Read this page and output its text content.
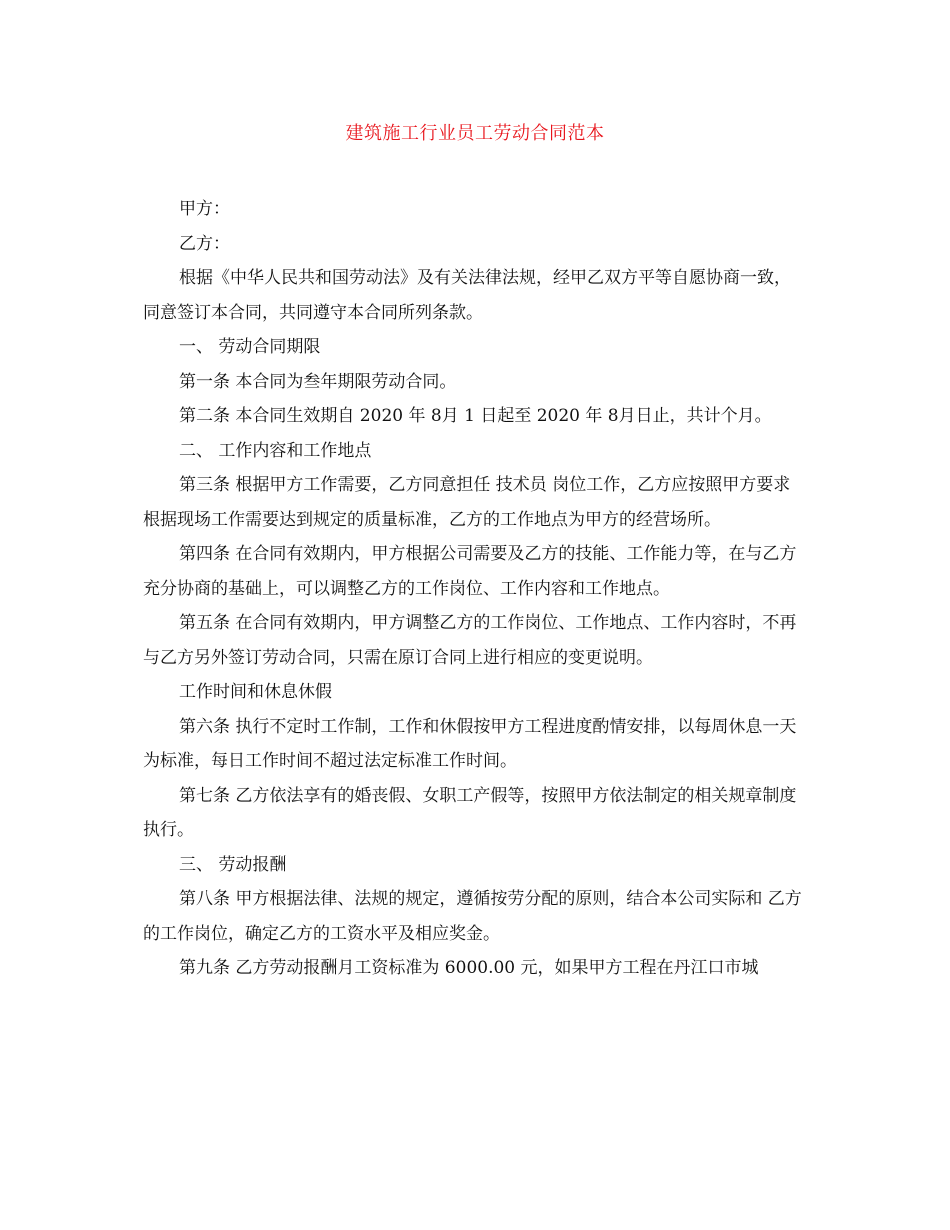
建筑施工行业员工劳动合同范本

甲方：

乙方：

根据《中华人民共和国劳动法》及有关法律法规，经甲乙双方平等自愿协商一致，同意签订本合同，共同遵守本合同所列条款。

一、 劳动合同期限

第一条 本合同为叁年期限劳动合同。

第二条 本合同生效期自 2020 年 8月 1 日起至 2020 年 8月日止，共计个月。

二、 工作内容和工作地点

第三条 根据甲方工作需要，乙方同意担任 技术员 岗位工作，乙方应按照甲方要求根据现场工作需要达到规定的质量标准，乙方的工作地点为甲方的经营场所。

第四条 在合同有效期内，甲方根据公司需要及乙方的技能、工作能力等，在与乙方充分协商的基础上，可以调整乙方的工作岗位、工作内容和工作地点。

第五条 在合同有效期内，甲方调整乙方的工作岗位、工作地点、工作内容时，不再与乙方另外签订劳动合同，只需在原订合同上进行相应的变更说明。

工作时间和休息休假

第六条 执行不定时工作制，工作和休假按甲方工程进度酌情安排，以每周休息一天为标准，每日工作时间不超过法定标准工作时间。

第七条 乙方依法享有的婚丧假、女职工产假等，按照甲方依法制定的相关规章制度执行。

三、 劳动报酬

第八条 甲方根据法律、法规的规定，遵循按劳分配的原则，结合本公司实际和 乙方的工作岗位，确定乙方的工资水平及相应奖金。

第九条 乙方劳动报酬月工资标准为 6000.00 元，如果甲方工程在丹江口市城
